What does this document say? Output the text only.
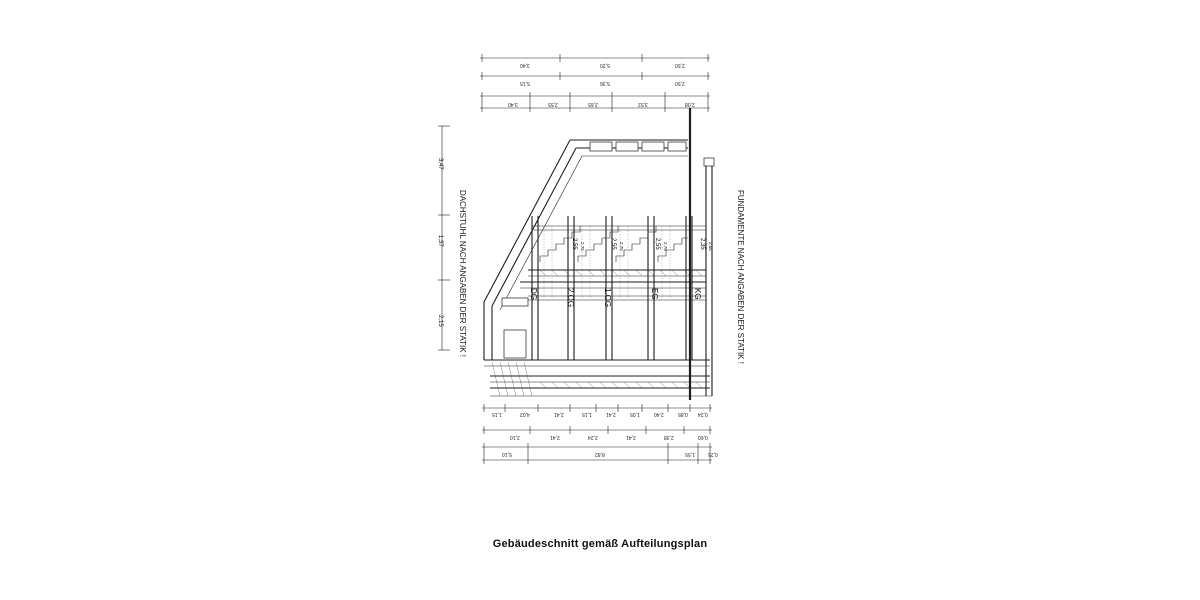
DACHSTUHL NACH ANGABEN DER STATIK !	FUNDAMENTE NACH ANGABEN DER STATIK !
DG	2.OG	1.OG	EG	KG
2,55 2,75	2,55 2,75	2,55 2,75	2,35 2,55
3,47
1,37
2,15
3,40	5,20	2,50
5,15	5,36	2,50
3,40	2,55	2,65	3,52	2,08
1,15	4,02	2,41	1,15	2,41	1,05	2,40	0,85 0,24
2,10	2,41	2,24	2,41	2,38	0,60
5,10	8,82	1,55	0,25
Gebäudeschnitt gemäß Aufteilungsplan
